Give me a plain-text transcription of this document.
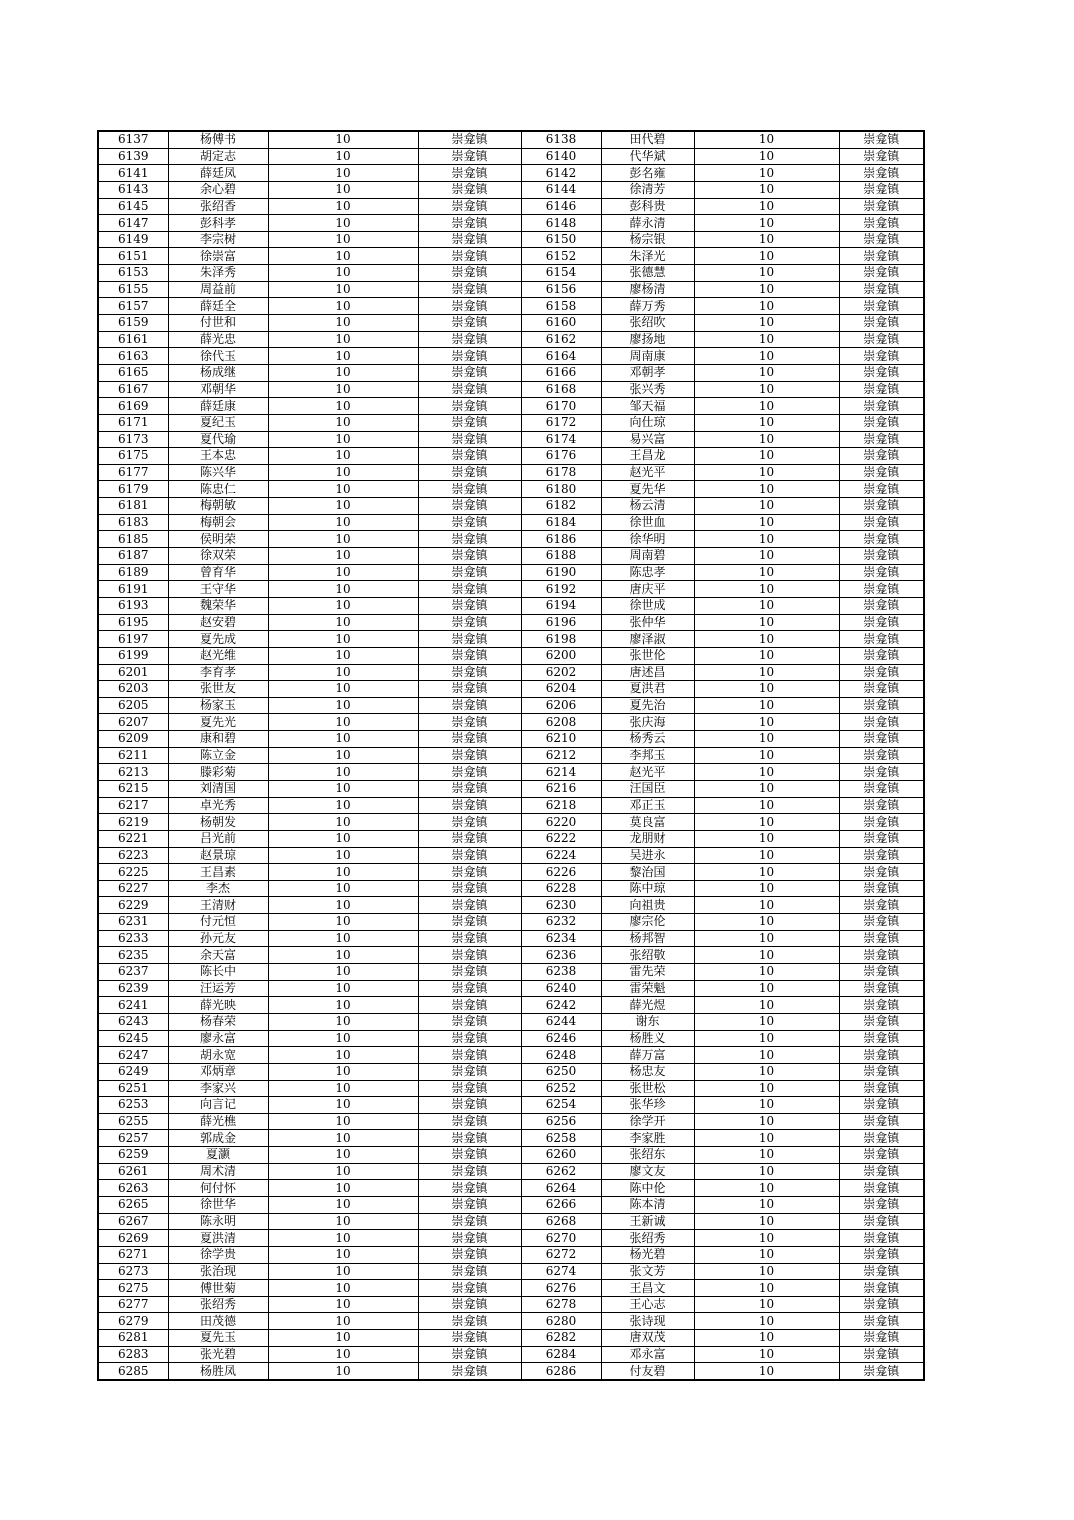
6137	杨傅书	10	崇龛镇	6138	田代碧	10	崇龛镇
6139	胡定志	10	崇龛镇	6140	代华斌	10	崇龛镇
6141	薛廷凤	10	崇龛镇	6142	彭名雍	10	崇龛镇
6143	余心碧	10	崇龛镇	6144	徐清芳	10	崇龛镇
6145	张绍香	10	崇龛镇	6146	彭科贵	10	崇龛镇
6147	彭科孝	10	崇龛镇	6148	薛永清	10	崇龛镇
6149	李宗树	10	崇龛镇	6150	杨宗银	10	崇龛镇
6151	徐崇富	10	崇龛镇	6152	朱泽光	10	崇龛镇
6153	朱泽秀	10	崇龛镇	6154	张德慧	10	崇龛镇
6155	周益前	10	崇龛镇	6156	廖杨清	10	崇龛镇
6157	薛廷全	10	崇龛镇	6158	薛万秀	10	崇龛镇
6159	付世和	10	崇龛镇	6160	张绍吹	10	崇龛镇
6161	薛光忠	10	崇龛镇	6162	廖扬地	10	崇龛镇
6163	徐代玉	10	崇龛镇	6164	周南康	10	崇龛镇
6165	杨成继	10	崇龛镇	6166	邓朝孝	10	崇龛镇
6167	邓朝华	10	崇龛镇	6168	张兴秀	10	崇龛镇
6169	薛廷康	10	崇龛镇	6170	邹天福	10	崇龛镇
6171	夏纪玉	10	崇龛镇	6172	向仕琼	10	崇龛镇
6173	夏代瑜	10	崇龛镇	6174	易兴富	10	崇龛镇
6175	王本忠	10	崇龛镇	6176	王昌龙	10	崇龛镇
6177	陈兴华	10	崇龛镇	6178	赵光平	10	崇龛镇
6179	陈忠仁	10	崇龛镇	6180	夏先华	10	崇龛镇
6181	梅朝敏	10	崇龛镇	6182	杨云清	10	崇龛镇
6183	梅朝会	10	崇龛镇	6184	徐世血	10	崇龛镇
6185	侯明荣	10	崇龛镇	6186	徐华明	10	崇龛镇
6187	徐双荣	10	崇龛镇	6188	周南碧	10	崇龛镇
6189	曾育华	10	崇龛镇	6190	陈忠孝	10	崇龛镇
6191	王守华	10	崇龛镇	6192	唐庆平	10	崇龛镇
6193	魏荣华	10	崇龛镇	6194	徐世成	10	崇龛镇
6195	赵安碧	10	崇龛镇	6196	张仲华	10	崇龛镇
6197	夏先成	10	崇龛镇	6198	廖泽淑	10	崇龛镇
6199	赵光维	10	崇龛镇	6200	张世伦	10	崇龛镇
6201	李育孝	10	崇龛镇	6202	唐述昌	10	崇龛镇
6203	张世友	10	崇龛镇	6204	夏洪君	10	崇龛镇
6205	杨家玉	10	崇龛镇	6206	夏先治	10	崇龛镇
6207	夏先光	10	崇龛镇	6208	张庆海	10	崇龛镇
6209	康和碧	10	崇龛镇	6210	杨秀云	10	崇龛镇
6211	陈立金	10	崇龛镇	6212	李邦玉	10	崇龛镇
6213	滕彩菊	10	崇龛镇	6214	赵光平	10	崇龛镇
6215	刘清国	10	崇龛镇	6216	汪国臣	10	崇龛镇
6217	卓光秀	10	崇龛镇	6218	邓正玉	10	崇龛镇
6219	杨朝发	10	崇龛镇	6220	莫良富	10	崇龛镇
6221	吕光前	10	崇龛镇	6222	龙朋财	10	崇龛镇
6223	赵景琼	10	崇龛镇	6224	吴进永	10	崇龛镇
6225	王昌素	10	崇龛镇	6226	黎治国	10	崇龛镇
6227	李杰	10	崇龛镇	6228	陈中琼	10	崇龛镇
6229	王清财	10	崇龛镇	6230	向祖贵	10	崇龛镇
6231	付元恒	10	崇龛镇	6232	廖宗伦	10	崇龛镇
6233	孙元友	10	崇龛镇	6234	杨邦智	10	崇龛镇
6235	余天富	10	崇龛镇	6236	张绍敬	10	崇龛镇
6237	陈长中	10	崇龛镇	6238	雷先荣	10	崇龛镇
6239	汪运芳	10	崇龛镇	6240	雷荣魁	10	崇龛镇
6241	薛光映	10	崇龛镇	6242	薛光煜	10	崇龛镇
6243	杨春荣	10	崇龛镇	6244	谢东	10	崇龛镇
6245	廖永富	10	崇龛镇	6246	杨胜义	10	崇龛镇
6247	胡永宽	10	崇龛镇	6248	薛万富	10	崇龛镇
6249	邓炳章	10	崇龛镇	6250	杨忠友	10	崇龛镇
6251	李家兴	10	崇龛镇	6252	张世松	10	崇龛镇
6253	向言记	10	崇龛镇	6254	张华珍	10	崇龛镇
6255	薛光樵	10	崇龛镇	6256	徐学开	10	崇龛镇
6257	郭成金	10	崇龛镇	6258	李家胜	10	崇龛镇
6259	夏灏	10	崇龛镇	6260	张绍东	10	崇龛镇
6261	周术清	10	崇龛镇	6262	廖文友	10	崇龛镇
6263	何付怀	10	崇龛镇	6264	陈中伦	10	崇龛镇
6265	徐世华	10	崇龛镇	6266	陈本清	10	崇龛镇
6267	陈永明	10	崇龛镇	6268	王新诚	10	崇龛镇
6269	夏洪清	10	崇龛镇	6270	张绍秀	10	崇龛镇
6271	徐学贵	10	崇龛镇	6272	杨光碧	10	崇龛镇
6273	张治现	10	崇龛镇	6274	张文芳	10	崇龛镇
6275	傅世菊	10	崇龛镇	6276	王昌文	10	崇龛镇
6277	张绍秀	10	崇龛镇	6278	王心志	10	崇龛镇
6279	田茂德	10	崇龛镇	6280	张诗现	10	崇龛镇
6281	夏先玉	10	崇龛镇	6282	唐双茂	10	崇龛镇
6283	张光碧	10	崇龛镇	6284	邓永富	10	崇龛镇
6285	杨胜凤	10	崇龛镇	6286	付友碧	10	崇龛镇
